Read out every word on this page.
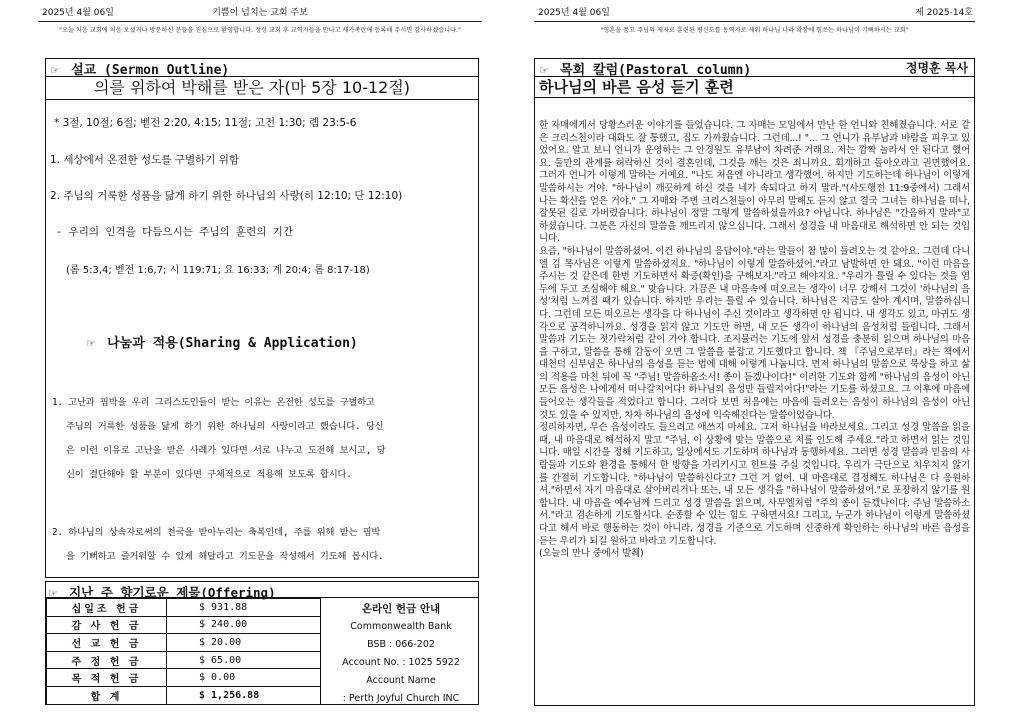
2025년 4월 06일	기쁨이 넘치는 교회 주보
"오늘 처음 교회에 처음 오셨거나 방문하신 분들을 진심으로 환영합니다. 정성 교회 후 교역자들을 만나고 새가족란에 등록해 주시면 감사하겠습니다."
☞ 설교 (Sermon Outline)
의를 위하여 박해를 받은 자(마 5장 10-12절)
* 3절, 10절; 6절; 벧전 2:20, 4:15; 11절; 고전 1:30; 롐 23:5-6
1. 세상에서 온전한 성도를 구별하기 위함
2. 주님의 거룩한 성품을 닮게 하기 위한 하나님의 사랑(히 12:10; 단 12:10)
- 우리의 인격을 다듬으시는 주님의 훈련의 기간
(롬 5:3,4; 벧전 1:6,7; 시 119:71; 요 16:33; 계 20:4; 롬 8:17-18)
☞ 나눔과 적용(Sharing & Application)
1. 고난과 핍박을 우리 그리스도인들이 받는 이유는 온전한 성도를 구별하고
주님의 거룩한 성품을 닮게 하기 위한 하나님의 사랑이라고 했습니다. 당신
은 이런 이유로 고난을 받은 사례가 있다면 서로 나누고 도전해 보시고, 당
신이 결단해야 할 부분이 있다면 구체적으로 적용해 보도록 합시다.
2. 하나님의 상속자로써의 천국을 받아누리는 축복인데, 주를 위해 받는 핍박
을 기뻐하고 즐거워할 수 있게 해달라고 기도문을 작성해서 기도해 봅시다.
☞ 지난 주 향기로운 제물(Offering)
십일조 헌금	$ 931.88
감 사 헌 금	$ 240.00
선 교 헌 금	$ 20.00
주 정 헌 금	$ 65.00
목 적 헌 금	$ 0.00
합 계	$ 1,256.88
온라인 헌금 안내
Commonwealth Bank
BSB : 066-202
Account No. : 1025 5922
Account Name
: Perth Joyful Church INC
2025년 4월 06일	제 2025-14호
"영혼을 품고 주님의 제자로 훈련된 평신도를 동역자로 세워 하나님 나라 확장에 힘쓰는 하나님이 기뻐하시는 교회"
☞ 목회 칼럼(Pastoral column)	정명훈 목사
하나님의 바른 음성 듣기 훈련

한 자매에게서 당황스러운 이야기를 들었습니다. 그 자매는 모임에서 만난 한 언니와 친해졌습니다. 서로 같은 크리스천이라 대화도 잘 통했고, 집도 가까웠습니다. 그런데...! "... 그 언니가 유부남과 바람을 피우고 있었어요. 알고 보니 언니가 운영하는 그 안경원도 유부남이 차려준 거래요. 저는 깜짝 놀라서 안 된다고 했어요. 둘만의 관계를 허락하신 것이 결혼인데, 그것을 깨는 것은 죄니까요. 회개하고 돌아오라고 권면했어요. 그러자 언니가 이렇게 말하는 거예요. "나도 처음엔 아니라고 생각했어. 하지만 기도하는데 하나님이 이렇게 말씀하시는 거야. "하나님이 깨끗하게 하신 것을 네가 속되다고 하지 말라."(사도행전 11:9중에서) 그래서 나는 확신을 얻은 거야." 그 자매와 주변 크리스천들이 아무리 말해도 듣지 않고 결국 그녀는 하나님을 떠나, 잘못된 길로 가버렸습니다. 하나님이 정말 그렇게 말씀하셨을까요? 아닙니다. 하나님은 "간음하지 말라"고 하셨습니다. 그분은 자신의 말씀을 깨뜨리지 않으십니다. 그래서 성경을 내 마음대로 해석하면 안 되는 것입니다.

요즘, "하나님이 말씀하셨어. 이건 하나님의 응답이야."라는 말들이 참 많이 들려오는 것 같아요. 그런데 다니엘 김 목사님은 이렇게 말씀하셨지요. "하나님이 이렇게 말씀하셨어."라고 남발하면 안 돼요. "이런 마음을 주시는 것 같은데 한번 기도하면서 확증(확인)을 구해보자."라고 해야지요. "우리가 틀릴 수 있다는 것을 염두에 두고 조심해야 해요." 맞습니다. 가끔은 내 마음속에 떠오르는 생각이 너무 강해서 그것이 '하나님의 음성'처럼 느껴질 때가 있습니다. 하지만 우리는 틀릴 수 있습니다. 하나님은 지금도 살아 계시며, 말씀하십니다. 그런데 모든 떠오르는 생각을 다 하나님이 주신 것이라고 생각하면 안 됩니다. 내 생각도 있고, 마귀도 생각으로 공격하니까요. 성경을 읽지 않고 기도만 하면, 내 모든 생각이 하나님의 음성처럼 들립니다. 그래서 말씀과 기도는 젓가락처럼 같이 가야 합니다. 조지뮬러는 기도에 앞서 성경을 충분히 읽으며 하나님의 마음을 구하고, 말씀을 통해 감동이 오면 그 말씀을 붙잡고 기도했다고 합니다. 책 『주님으로부터』라는 책에서 대천덕 신부님은 하나님의 음성을 듣는 법에 대해 이렇게 나눕니다. 먼저 하나님의 말씀으로 묵상을 하고 삶의 적용을 마친 뒤에 꼭 "주님! 말씀하옵소서! 종이 듣겠나이다!" 이러한 기도와 함께 "하나님의 음성이 아닌 모든 음성은 나에게서 떠나갈지어다! 하나님의 음성만 들릴지어다!"라는 기도를 하셨고요. 그 이후에 마음에 들어오는 생각들을 적었다고 합니다. 그러다 보면 처음에는 마음에 들려오는 음성이 하나님의 음성이 아닌 것도 있을 수 있지만, 차차 하나님의 음성에 익숙해진다는 말씀이었습니다.

정리하자면, 무슨 음성이라도 들으려고 애쓰지 마세요. 그저 하나님을 바라보세요. 그리고 성경 말씀을 읽을 때, 내 마음대로 해석하지 말고 "주님, 이 상황에 맞는 말씀으로 저를 인도해 주세요."라고 하면서 읽는 것입니다. 매일 시간을 정해 기도하고, 일상에서도 기도하며 하나님과 동행하세요. 그러면 성경 말씀과 믿음의 사람들과 기도와 환경을 통해서 한 방향을 가리키시고 힌트를 주실 것입니다. 우리가 극단으로 치우치지 않기를 간절히 기도합니다. "하나님이 말씀하신다고? 그런 거 없어. 내 마음대로 결정해도 하나님은 다 응원하셔."하면서 자기 마음대로 살아버리거나 또는, 내 모든 생각을 "하나님이 말씀하셨어."로 포장하지 않기를 원합니다. 내 마음을 예수님께 드리고 성경 말씀을 읽으며, 사무엘처럼 "주의 종이 듣겠나이다. 주님 말씀하소서."라고 겸손하게 기도합시다. 순종할 수 있는 힘도 구하면서요! 그리고, 누군가 하나님이 이렇게 말씀하셨다고 해서 바로 행동하는 것이 아니라, 성경을 기준으로 기도하며 신중하게 확인하는 하나님의 바른 음성을 듣는 우리가 되길 원하고 바라고 기도합니다.

(오늘의 만나 중에서 발췌)
